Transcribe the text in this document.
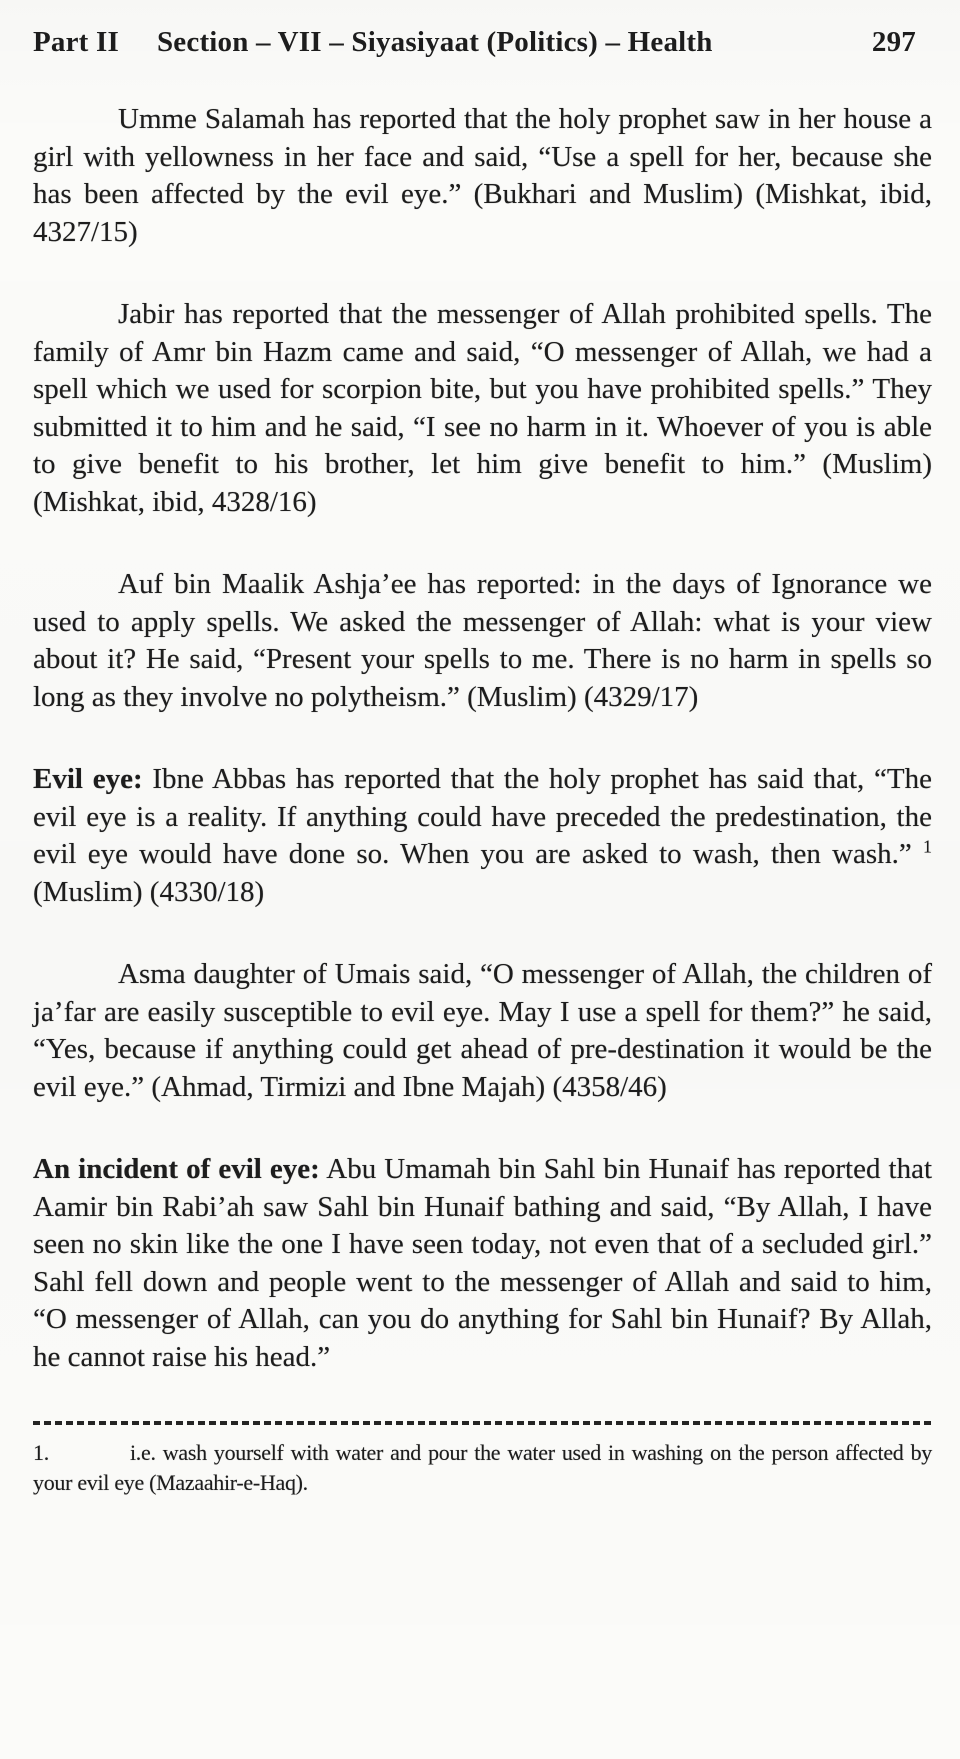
Part II Section – VII – Siyasiyaat (Politics) – Health	297

Umme Salamah has reported that the holy prophet saw in her house a girl with yellowness in her face and said, “Use a spell for her, because she has been affected by the evil eye.” (Bukhari and Muslim) (Mishkat, ibid, 4327/15)

Jabir has reported that the messenger of Allah prohibited spells. The family of Amr bin Hazm came and said, “O messenger of Allah, we had a spell which we used for scorpion bite, but you have prohibited spells.” They submitted it to him and he said, “I see no harm in it. Whoever of you is able to give benefit to his brother, let him give benefit to him.” (Muslim) (Mishkat, ibid, 4328/16)

Auf bin Maalik Ashja’ee has reported: in the days of Ignorance we used to apply spells. We asked the messenger of Allah: what is your view about it? He said, “Present your spells to me. There is no harm in spells so long as they involve no polytheism.” (Muslim) (4329/17)

Evil eye: Ibne Abbas has reported that the holy prophet has said that, “The evil eye is a reality. If anything could have preceded the predestination, the evil eye would have done so. When you are asked to wash, then wash.” $^1$ (Muslim) (4330/18)

Asma daughter of Umais said, “O messenger of Allah, the children of ja’far are easily susceptible to evil eye. May I use a spell for them?” he said, “Yes, because if anything could get ahead of pre-destination it would be the evil eye.” (Ahmad, Tirmizi and Ibne Majah) (4358/46)

An incident of evil eye: Abu Umamah bin Sahl bin Hunaif has reported that Aamir bin Rabi’ah saw Sahl bin Hunaif bathing and said, “By Allah, I have seen no skin like the one I have seen today, not even that of a secluded girl.” Sahl fell down and people went to the messenger of Allah and said to him, “O messenger of Allah, can you do anything for Sahl bin Hunaif? By Allah, he cannot raise his head.”

1.	i.e. wash yourself with water and pour the water used in washing on the person affected by your evil eye (Mazaahir-e-Haq).
